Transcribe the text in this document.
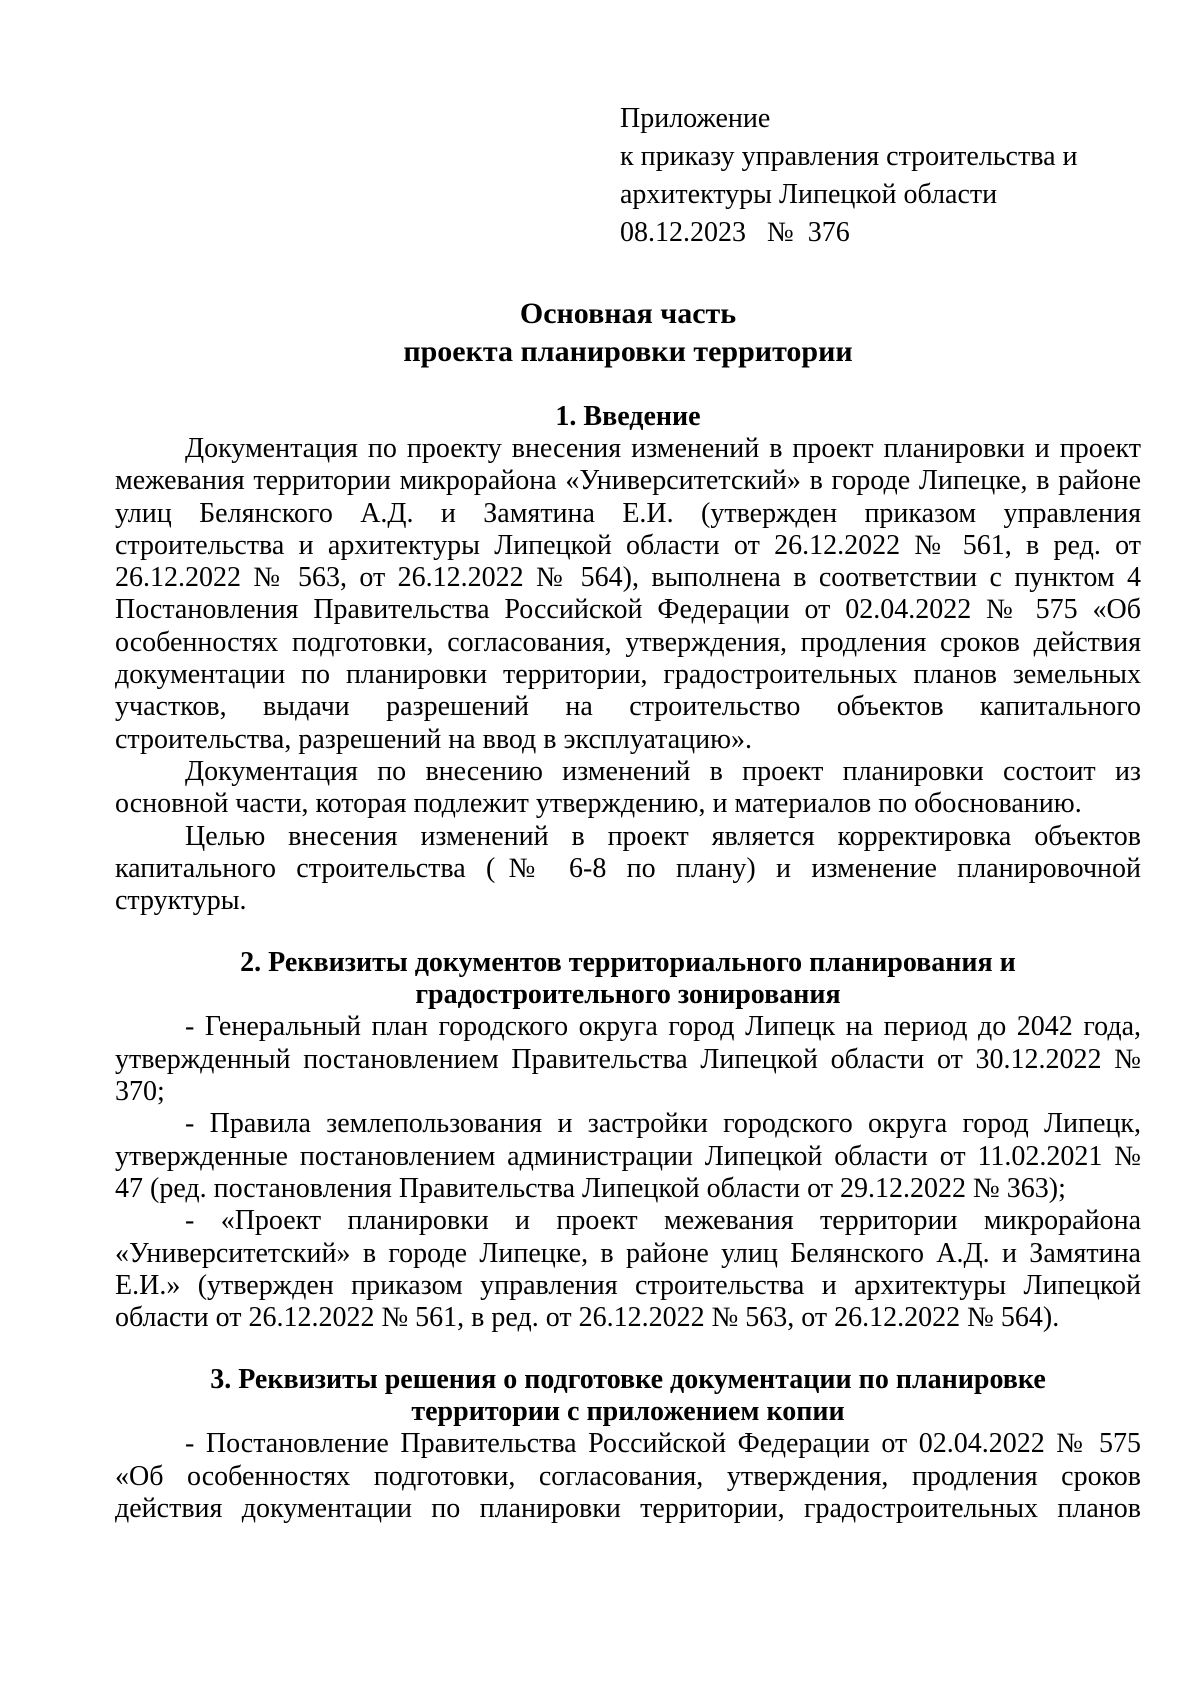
Приложение
к приказу управления строительства и
архитектуры Липецкой области
08.12.2023   №  376
Основная часть
проекта планировки территории
1. Введение

Документация по проекту внесения изменений в проект планировки и проект межевания территории микрорайона «Университетский» в городе Липецке, в районе улиц Белянского А.Д. и Замятина Е.И. (утвержден приказом управления строительства и архитектуры Липецкой области от 26.12.2022 № 561, в ред. от 26.12.2022 № 563, от 26.12.2022 № 564), выполнена в соответствии с пунктом 4 Постановления Правительства Российской Федерации от 02.04.2022 № 575 «Об особенностях подготовки, согласования, утверждения, продления сроков действия документации по планировки территории, градостроительных планов земельных участков, выдачи разрешений на строительство объектов капитального строительства, разрешений на ввод в эксплуатацию».

Документация по внесению изменений в проект планировки состоит из основной части, которая подлежит утверждению, и материалов по обоснованию.

Целью внесения изменений в проект является корректировка объектов капитального строительства (№ 6-8 по плану) и изменение планировочной структуры.

2. Реквизиты документов территориального планирования и
градостроительного зонирования

- Генеральный план городского округа город Липецк на период до 2042 года, утвержденный постановлением Правительства Липецкой области от 30.12.2022 № 370;

- Правила землепользования и застройки городского округа город Липецк, утвержденные постановлением администрации Липецкой области от 11.02.2021 № 47 (ред. постановления Правительства Липецкой области от 29.12.2022 № 363);

- «Проект планировки и проект межевания территории микрорайона «Университетский» в городе Липецке, в районе улиц Белянского А.Д. и Замятина Е.И.» (утвержден приказом управления строительства и архитектуры Липецкой области от 26.12.2022 № 561, в ред. от 26.12.2022 № 563, от 26.12.2022 № 564).

3. Реквизиты решения о подготовке документации по планировке
территории с приложением копии

- Постановление Правительства Российской Федерации от 02.04.2022 № 575 «Об особенностях подготовки, согласования, утверждения, продления сроков действия документации по планировки территории, градостроительных планов
